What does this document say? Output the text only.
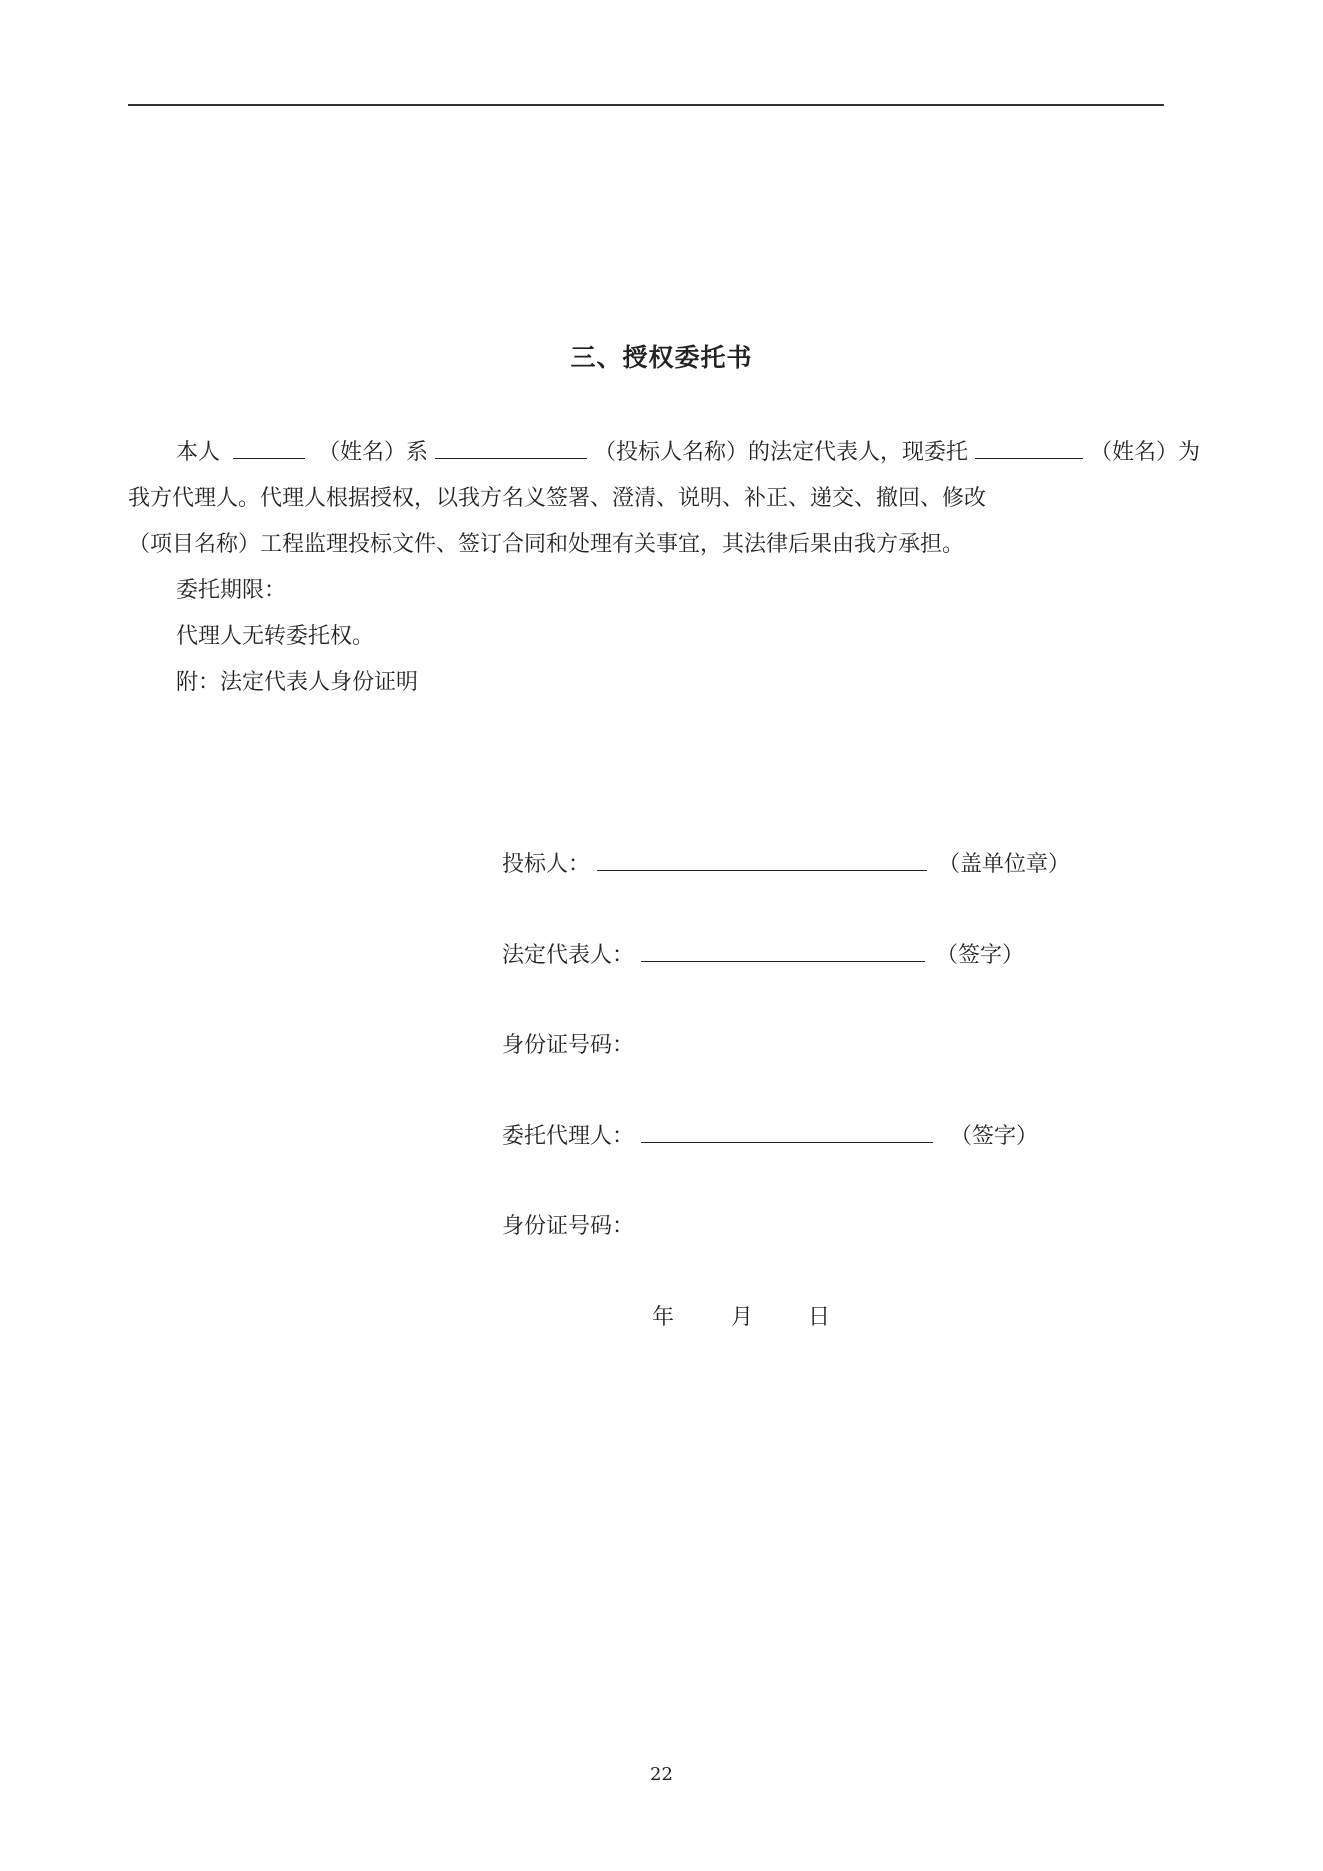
三、授权委托书
本人	（姓名）系	（投标人名称）的法定代表人，现委托	（姓名）为
我方代理人。代理人根据授权，以我方名义签署、澄清、说明、补正、递交、撤回、修改
（项目名称）工程监理投标文件、签订合同和处理有关事宜，其法律后果由我方承担。
委托期限：
代理人无转委托权。
附：法定代表人身份证明
投标人：	（盖单位章）
法定代表人：	（签字）
身份证号码：
委托代理人：	（签字）
身份证号码：
年	月 日
22
